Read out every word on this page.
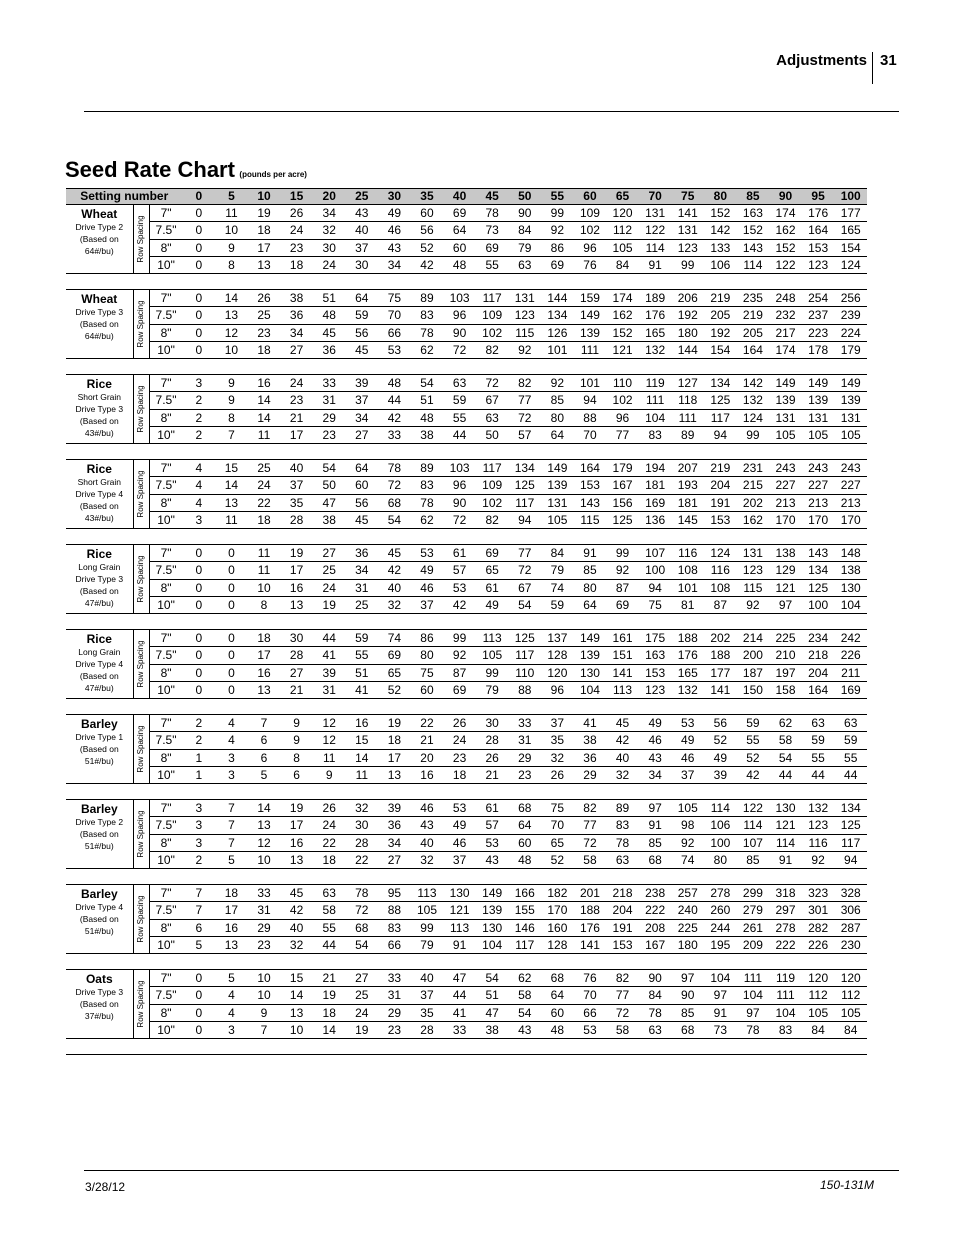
Adjustments 31
Seed Rate Chart (pounds per acre)
Setting number	0	5	10	15	20	25	30	35	40	45	50	55	60	65	70	75	80	85	90	95	100
Wheat
Drive Type 2
(Based on
64#/bu)	Row Spacing
7"	0	11	19	26	34	43	49	60	69	78	90	99	109	120	131	141	152	163	174	176	177
7.5"	0	10	18	24	32	40	46	56	64	73	84	92	102	112	122	131	142	152	162	164	165
8"	0	9	17	23	30	37	43	52	60	69	79	86	96	105	114	123	133	143	152	153	154
10"	0	8	13	18	24	30	34	42	48	55	63	69	76	84	91	99	106	114	122	123	124
Wheat
Drive Type 3
(Based on
64#/bu)	Row Spacing
7"	0	14	26	38	51	64	75	89	103	117	131	144	159	174	189	206	219	235	248	254	256
7.5"	0	13	25	36	48	59	70	83	96	109	123	134	149	162	176	192	205	219	232	237	239
8"	0	12	23	34	45	56	66	78	90	102	115	126	139	152	165	180	192	205	217	223	224
10"	0	10	18	27	36	45	53	62	72	82	92	101	111	121	132	144	154	164	174	178	179
Rice
Short Grain
Drive Type 3
(Based on
43#/bu)
Row Spacing
7"	3	9	16	24	33	39	48	54	63	72	82	92	101	110	119	127	134	142	149	149	149
7.5"	2	9	14	23	31	37	44	51	59	67	77	85	94	102	111	118	125	132	139	139	139
8"	2	8	14	21	29	34	42	48	55	63	72	80	88	96	104	111	117	124	131	131	131
10"	2	7	11	17	23	27	33	38	44	50	57	64	70	77	83	89	94	99	105	105	105
Rice
Short Grain
Drive Type 4
(Based on
43#/bu)
Row Spacing
7"	4	15	25	40	54	64	78	89	103	117	134	149	164	179	194	207	219	231	243	243	243
7.5"	4	14	24	37	50	60	72	83	96	109	125	139	153	167	181	193	204	215	227	227	227
8"	4	13	22	35	47	56	68	78	90	102	117	131	143	156	169	181	191	202	213	213	213
10"	3	11	18	28	38	45	54	62	72	82	94	105	115	125	136	145	153	162	170	170	170
Rice
Long Grain
Drive Type 3
(Based on
47#/bu)
Row Spacing
7"	0	0	11	19	27	36	45	53	61	69	77	84	91	99	107	116	124	131	138	143	148
7.5"	0	0	11	17	25	34	42	49	57	65	72	79	85	92	100	108	116	123	129	134	138
8"	0	0	10	16	24	31	40	46	53	61	67	74	80	87	94	101	108	115	121	125	130
10"	0	0	8	13	19	25	32	37	42	49	54	59	64	69	75	81	87	92	97	100	104
Rice
Long Grain
Drive Type 4
(Based on
47#/bu)
Row Spacing
7"	0	0	18	30	44	59	74	86	99	113	125	137	149	161	175	188	202	214	225	234	242
7.5"	0	0	17	28	41	55	69	80	92	105	117	128	139	151	163	176	188	200	210	218	226
8"	0	0	16	27	39	51	65	75	87	99	110	120	130	141	153	165	177	187	197	204	211
10"	0	0	13	21	31	41	52	60	69	79	88	96	104	113	123	132	141	150	158	164	169
Barley
Drive Type 1
(Based on
51#/bu)	Row Spacing
7"	2	4	7	9	12	16	19	22	26	30	33	37	41	45	49	53	56	59	62	63	63
7.5"	2	4	6	9	12	15	18	21	24	28	31	35	38	42	46	49	52	55	58	59	59
8"	1	3	6	8	11	14	17	20	23	26	29	32	36	40	43	46	49	52	54	55	55
10"	1	3	5	6	9	11	13	16	18	21	23	26	29	32	34	37	39	42	44	44	44
Barley
Drive Type 2
(Based on
51#/bu)	Row Spacing
7"	3	7	14	19	26	32	39	46	53	61	68	75	82	89	97	105	114	122	130	132	134
7.5"	3	7	13	17	24	30	36	43	49	57	64	70	77	83	91	98	106	114	121	123	125
8"	3	7	12	16	22	28	34	40	46	53	60	65	72	78	85	92	100	107	114	116	117
10"	2	5	10	13	18	22	27	32	37	43	48	52	58	63	68	74	80	85	91	92	94
Barley
Drive Type 4
(Based on
51#/bu)	Row Spacing
7"	7	18	33	45	63	78	95	113	130	149	166	182	201	218	238	257	278	299	318	323	328
7.5"	7	17	31	42	58	72	88	105	121	139	155	170	188	204	222	240	260	279	297	301	306
8"	6	16	29	40	55	68	83	99	113	130	146	160	176	191	208	225	244	261	278	282	287
10"	5	13	23	32	44	54	66	79	91	104	117	128	141	153	167	180	195	209	222	226	230
Oats
Drive Type 3
(Based on
37#/bu)	Row Spacing
7"	0	5	10	15	21	27	33	40	47	54	62	68	76	82	90	97	104	111	119	120	120
7.5"	0	4	10	14	19	25	31	37	44	51	58	64	70	77	84	90	97	104	111	112	112
8"	0	4	9	13	18	24	29	35	41	47	54	60	66	72	78	85	91	97	104	105	105
10"	0	3	7	10	14	19	23	28	33	38	43	48	53	58	63	68	73	78	83	84	84
3/28/12	150-131M
